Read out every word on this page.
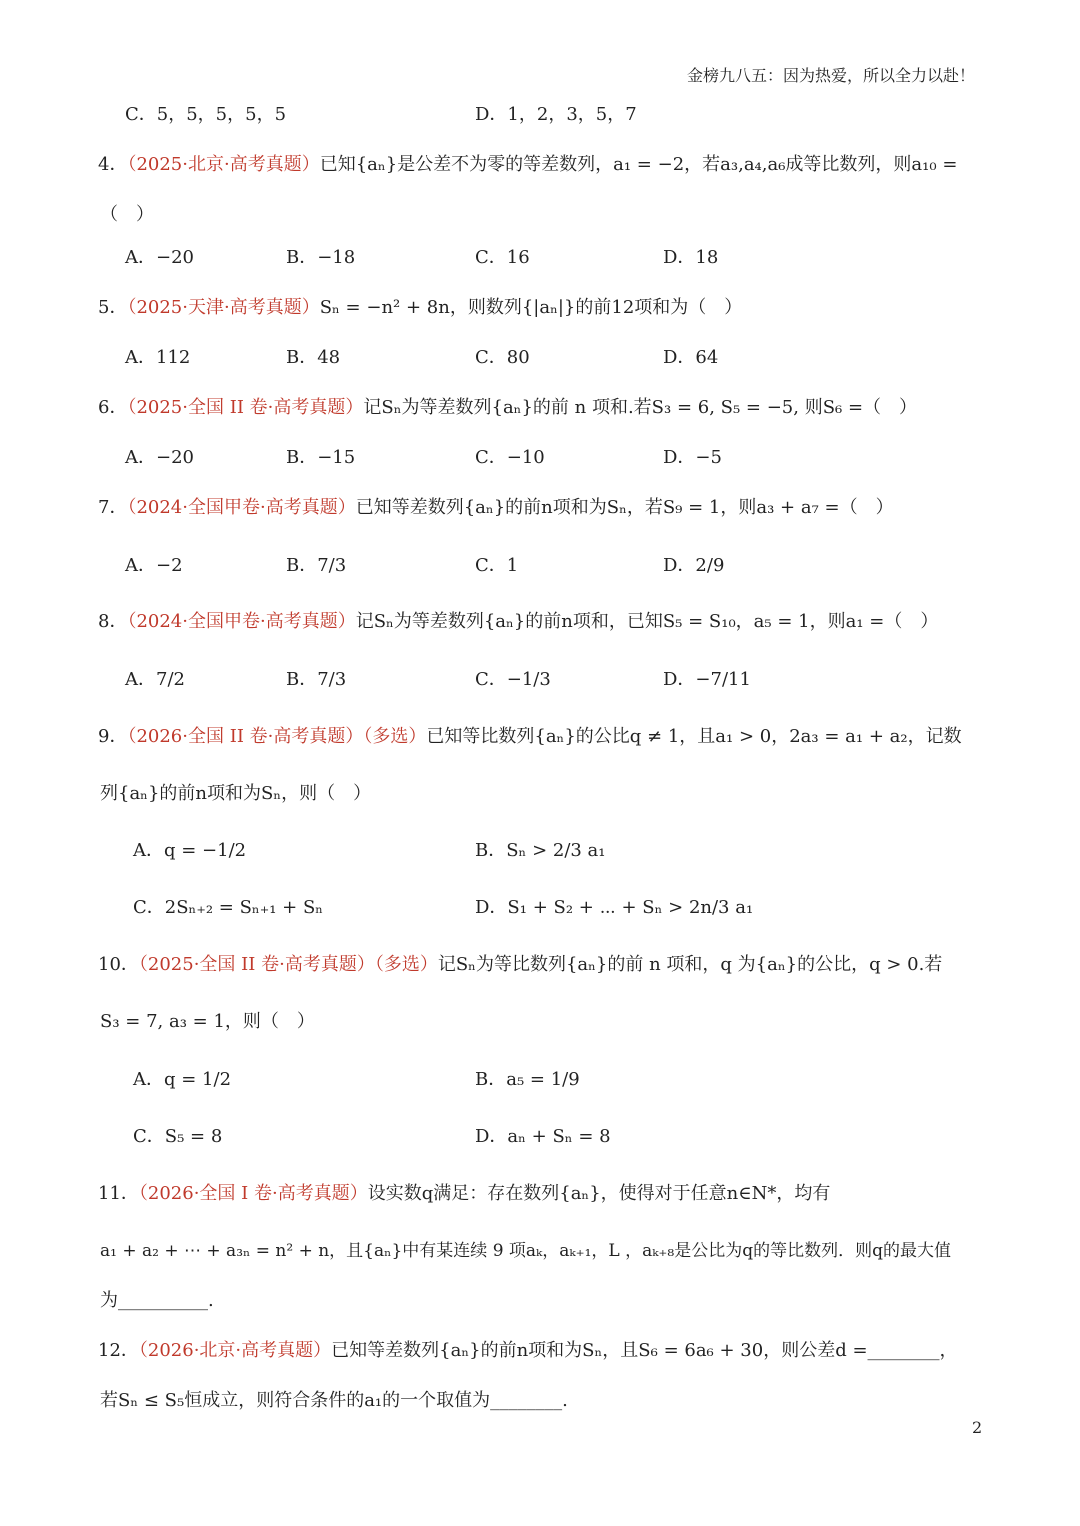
金榜九八五：因为热爱，所以全力以赴！
C．5，5，5，5，5	D．1，2，3，5，7
4．（2025·北京·高考真题）已知{aₙ}是公差不为零的等差数列，a₁ = −2，若a₃,a₄,a₆成等比数列，则a₁₀ =
（　）
A．−20	B．−18	C．16	D．18
5．（2025·天津·高考真题）Sₙ = −n² + 8n，则数列{|aₙ|}的前12项和为（　）
A．112	B．48	C．80	D．64
6．（2025·全国 II 卷·高考真题）记Sₙ为等差数列{aₙ}的前 n 项和.若S₃ = 6, S₅ = −5, 则S₆ =（　）
A．−20	B．−15	C．−10	D．−5
7．（2024·全国甲卷·高考真题）已知等差数列{aₙ}的前n项和为Sₙ，若S₉ = 1，则a₃ + a₇ =（　）
A．−2	B．7/3	C．1	D．2/9
8．（2024·全国甲卷·高考真题）记Sₙ为等差数列{aₙ}的前n项和，已知S₅ = S₁₀，a₅ = 1，则a₁ =（　）
A．7/2	B．7/3	C．−1/3	D．−7/11
9．（2026·全国 II 卷·高考真题）（多选）已知等比数列{aₙ}的公比q ≠ 1，且a₁ > 0，2a₃ = a₁ + a₂，记数
列{aₙ}的前n项和为Sₙ，则（　）
A．q = −1/2	B．Sₙ > 2/3 a₁
C．2Sₙ₊₂ = Sₙ₊₁ + Sₙ	D．S₁ + S₂ + ⋯ + Sₙ > 2n/3 a₁
10．（2025·全国 II 卷·高考真题）（多选）记Sₙ为等比数列{aₙ}的前 n 项和，q 为{aₙ}的公比，q > 0.若
S₃ = 7, a₃ = 1，则（　）
A．q = 1/2	B．a₅ = 1/9
C．S₅ = 8	D．aₙ + Sₙ = 8
11．（2026·全国 I 卷·高考真题）设实数q满足：存在数列{aₙ}，使得对于任意n∈N*，均有
a₁ + a₂ + ⋯ + a₃ₙ = n² + n，且{aₙ}中有某连续 9 项aₖ，aₖ₊₁，L ，aₖ₊₈是公比为q的等比数列．则q的最大值
为__________.
12．（2026·北京·高考真题）已知等差数列{aₙ}的前n项和为Sₙ，且S₆ = 6a₆ + 30，则公差d =________，
若Sₙ ≤ S₅恒成立，则符合条件的a₁的一个取值为________.
2
